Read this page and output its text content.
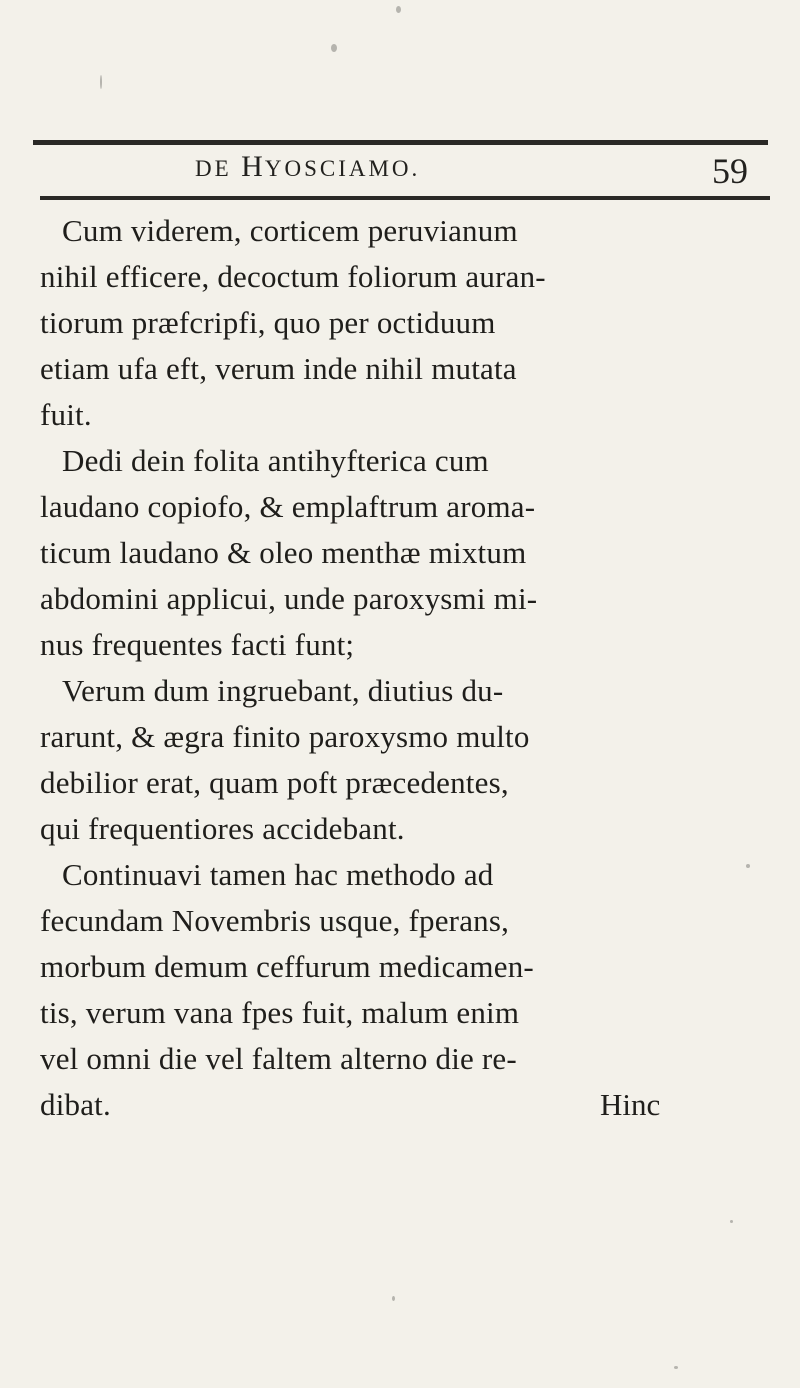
DE HYOSCIAMO.	59
Cum viderem, corticem peruvianum
nihil efficere, decoctum foliorum auran-
tiorum præfcripfi, quo per octiduum
etiam ufa eft, verum inde nihil mutata
fuit.
Dedi dein folita antihyfterica cum
laudano copiofo, & emplaftrum aroma-
ticum laudano & oleo menthæ mixtum
abdomini applicui, unde paroxysmi mi-
nus frequentes facti funt;
Verum dum ingruebant, diutius du-
rarunt, & ægra finito paroxysmo multo
debilior erat, quam poft præcedentes,
qui frequentiores accidebant.
Continuavi tamen hac methodo ad
fecundam Novembris usque, fperans,
morbum demum ceffurum medicamen-
tis, verum vana fpes fuit, malum enim
vel omni die vel faltem alterno die re-
dibat.	Hinc
